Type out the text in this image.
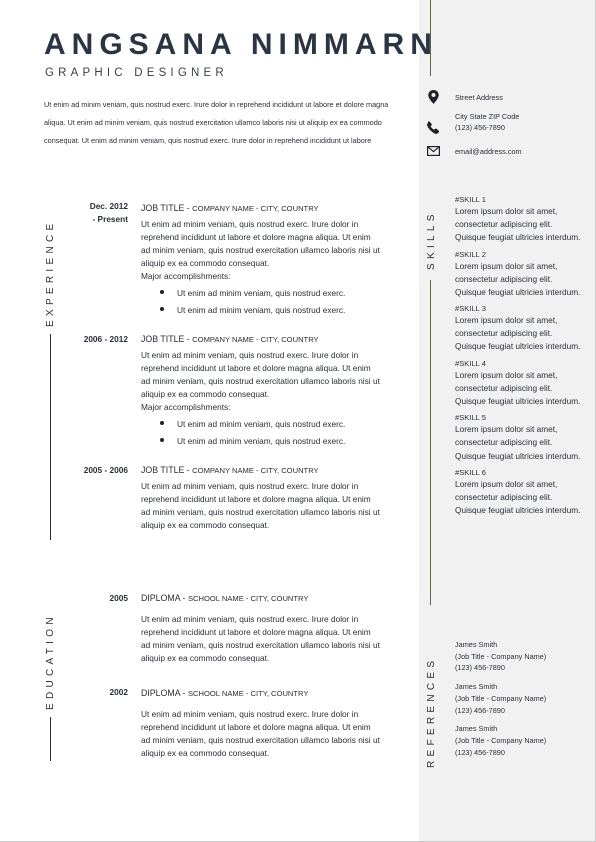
ANGSANA NIMMARN
GRAPHIC DESIGNER
Ut enim ad minim veniam, quis nostrud exerc. Irure dolor in reprehend incididunt ut labore et dolore magna aliqua. Ut enim ad minim veniam, quis nostrud exercitation ullamco laboris nisi ut aliquip ex ea commodo consequat. Ut enim ad minim veniam, quis nostrud exerc. Irure dolor in reprehend incididunt ut labore
Street Address
City State ZIP Code
(123) 456-7890
email@address.com
EXPERIENCE
Dec. 2012
- Present
JOB TITLE - COMPANY NAME - CITY, COUNTRY
Ut enim ad minim veniam, quis nostrud exerc. Irure dolor in reprehend incididunt ut labore et dolore magna aliqua. Ut enim ad minim veniam, quis nostrud exercitation ullamco laboris nisi ut aliquip ex ea commodo consequat.
Major accomplishments:
Ut enim ad minim veniam, quis nostrud exerc.
Ut enim ad minim veniam, quis nostrud exerc.
2006 - 2012 JOB TITLE - COMPANY NAME - CITY, COUNTRY
Ut enim ad minim veniam, quis nostrud exerc. Irure dolor in reprehend incididunt ut labore et dolore magna aliqua. Ut enim ad minim veniam, quis nostrud exercitation ullamco laboris nisi ut aliquip ex ea commodo consequat.
Major accomplishments:
Ut enim ad minim veniam, quis nostrud exerc.
Ut enim ad minim veniam, quis nostrud exerc.
2005 - 2006 JOB TITLE - COMPANY NAME - CITY, COUNTRY
Ut enim ad minim veniam, quis nostrud exerc. Irure dolor in reprehend incididunt ut labore et dolore magna aliqua. Ut enim ad minim veniam, quis nostrud exercitation ullamco laboris nisi ut aliquip ex ea commodo consequat.
EDUCATION
2005 DIPLOMA - SCHOOL NAME - CITY, COUNTRY
Ut enim ad minim veniam, quis nostrud exerc. Irure dolor in reprehend incididunt ut labore et dolore magna aliqua. Ut enim ad minim veniam, quis nostrud exercitation ullamco laboris nisi ut aliquip ex ea commodo consequat.
2002 DIPLOMA - SCHOOL NAME - CITY, COUNTRY
Ut enim ad minim veniam, quis nostrud exerc. Irure dolor in reprehend incididunt ut labore et dolore magna aliqua. Ut enim ad minim veniam, quis nostrud exercitation ullamco laboris nisi ut aliquip ex ea commodo consequat.
SKILLS
#SKILL 1
Lorem ipsum dolor sit amet, consectetur adipiscing elit. Quisque feugiat ultricies interdum.
#SKILL 2
Lorem ipsum dolor sit amet, consectetur adipiscing elit. Quisque feugiat ultricies interdum.
#SKILL 3
Lorem ipsum dolor sit amet, consectetur adipiscing elit. Quisque feugiat ultricies interdum.
#SKILL 4
Lorem ipsum dolor sit amet, consectetur adipiscing elit. Quisque feugiat ultricies interdum.
#SKILL 5
Lorem ipsum dolor sit amet, consectetur adipiscing elit. Quisque feugiat ultricies interdum.
#SKILL 6
Lorem ipsum dolor sit amet, consectetur adipiscing elit. Quisque feugiat ultricies interdum.
REFERENCES
James Smith
(Job Title - Company Name)
(123) 456-7890
James Smith
(Job Title - Company Name)
(123) 456-7890
James Smith
(Job Title - Company Name)
(123) 456-7890
